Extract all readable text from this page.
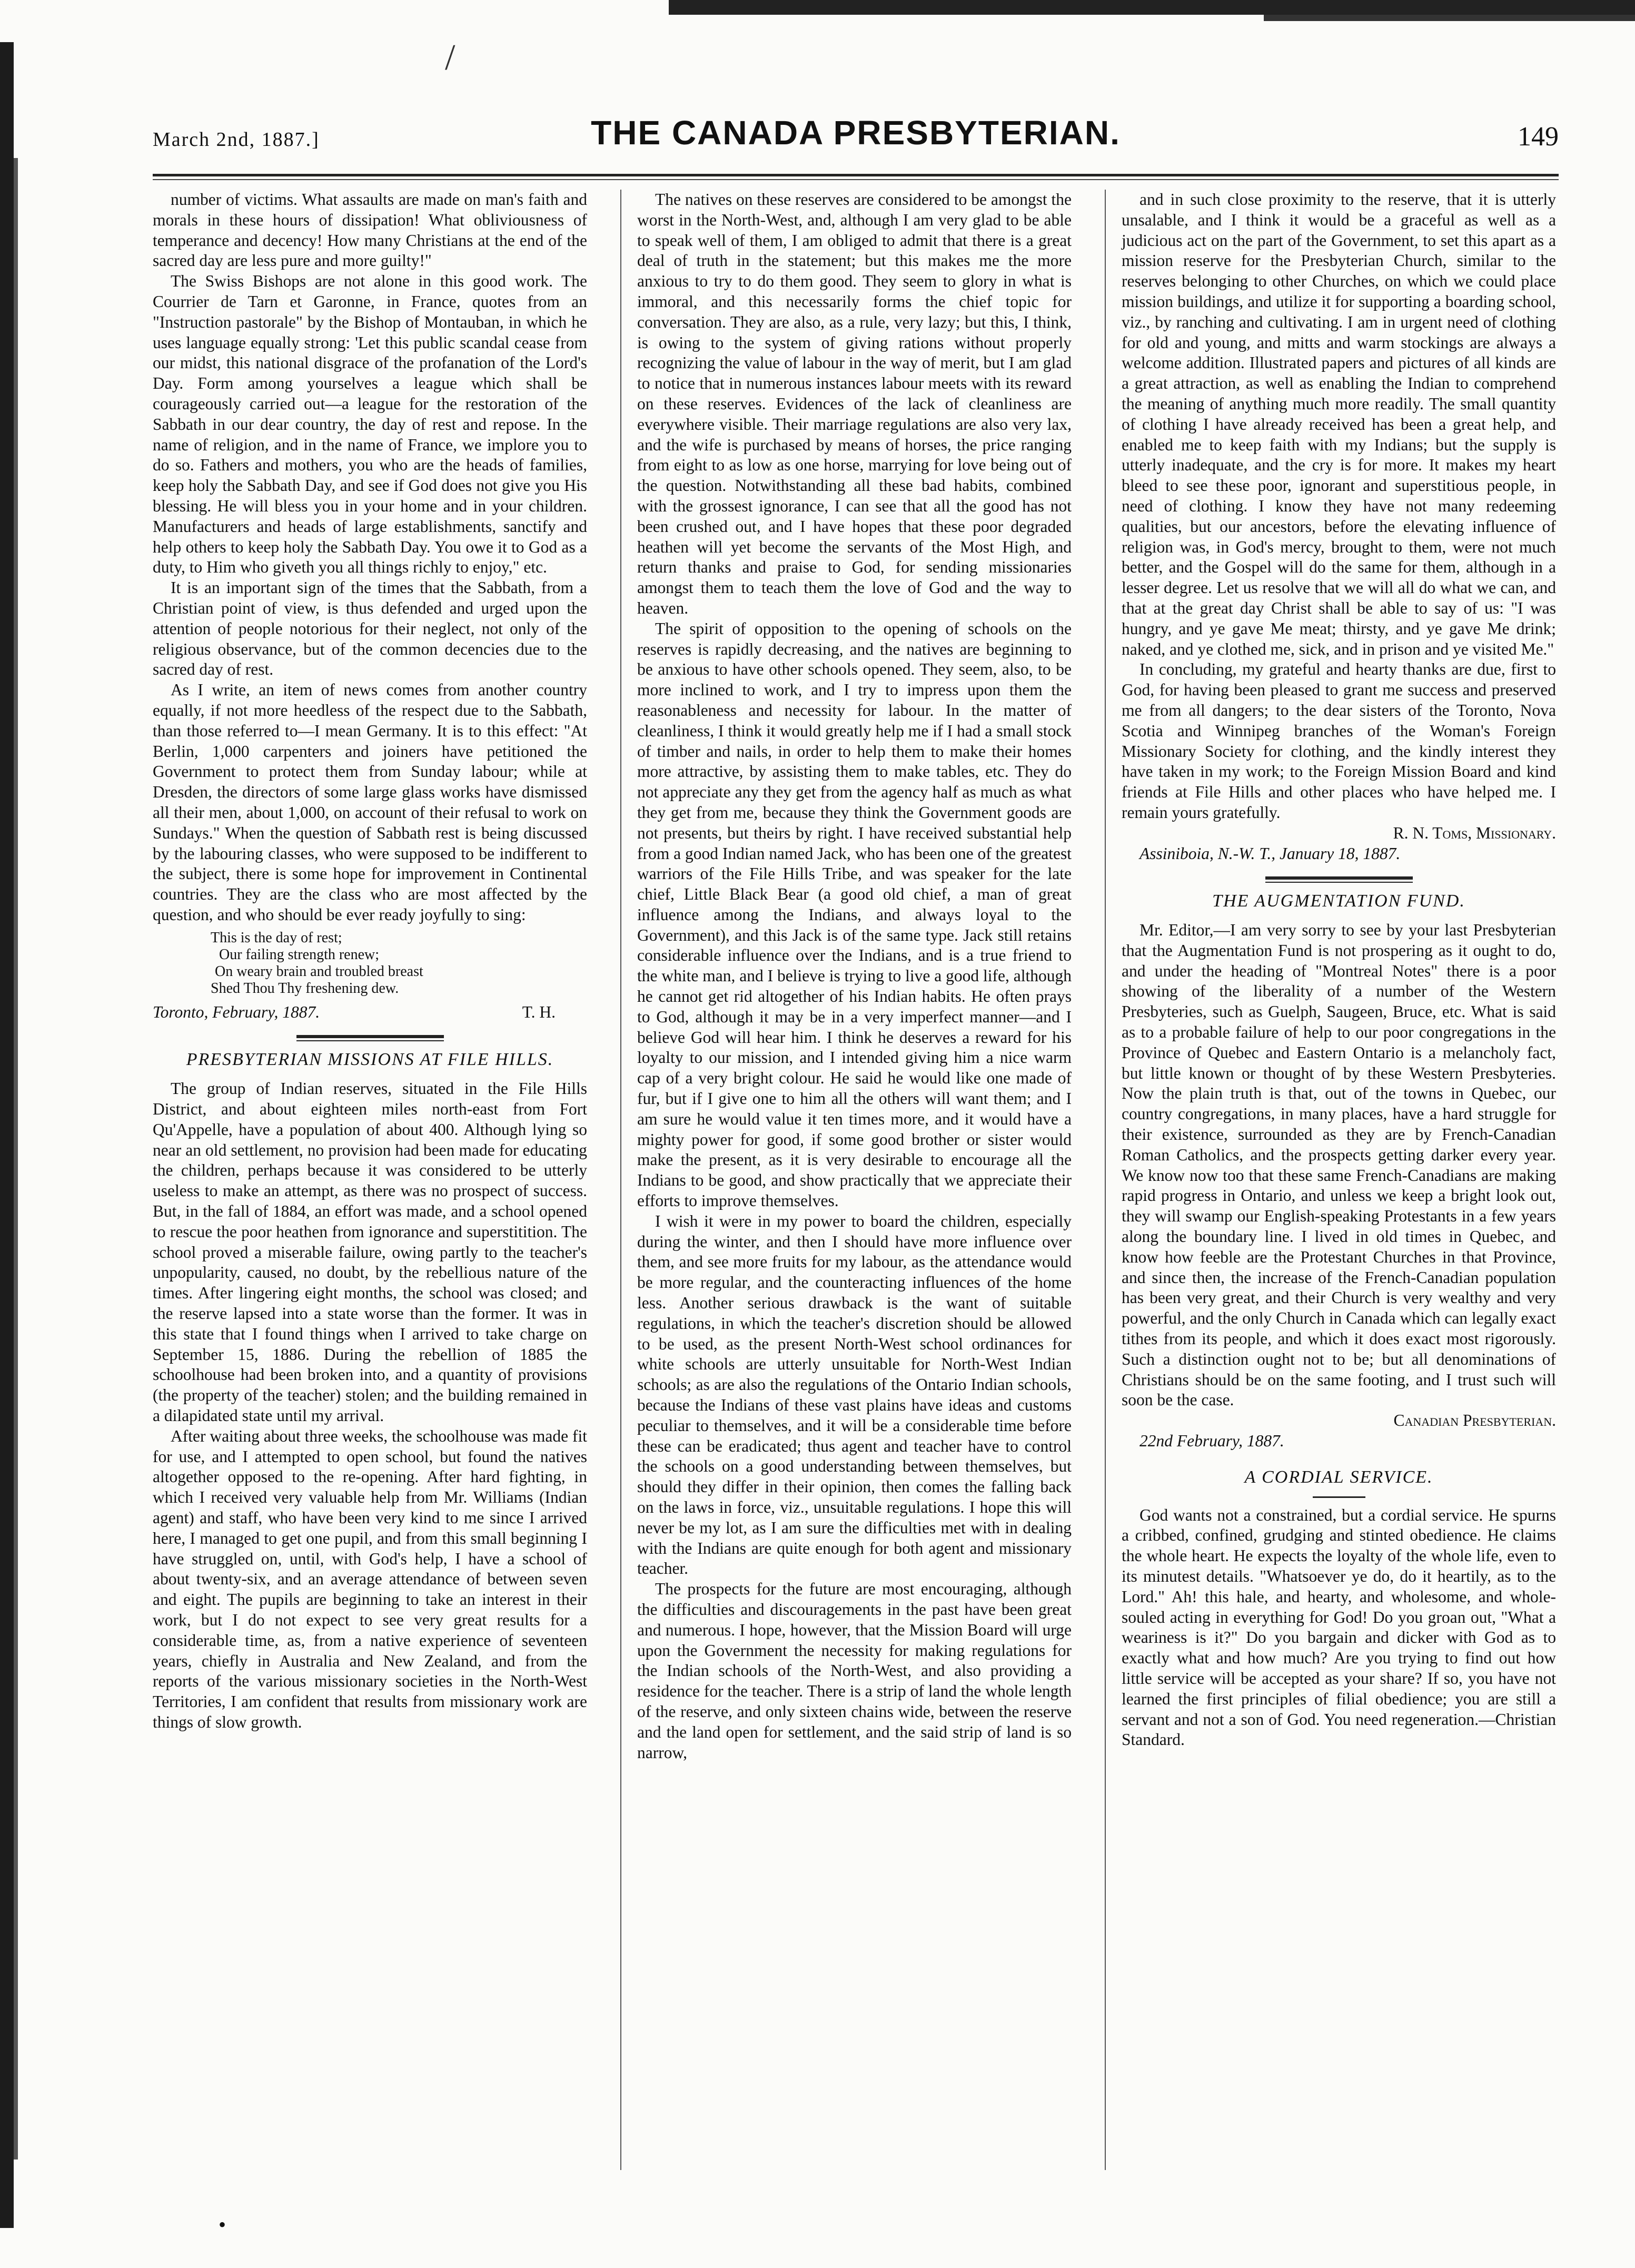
/
March 2nd, 1887.]	THE CANADA PRESBYTERIAN.	149

number of victims. What assaults are made on man's faith and morals in these hours of dissipation! What obliviousness of temperance and decency! How many Christians at the end of the sacred day are less pure and more guilty!"

The Swiss Bishops are not alone in this good work. The Courrier de Tarn et Garonne, in France, quotes from an "Instruction pastorale" by the Bishop of Montauban, in which he uses language equally strong: 'Let this public scandal cease from our midst, this national disgrace of the profanation of the Lord's Day. Form among yourselves a league which shall be courageously carried out—a league for the restoration of the Sabbath in our dear country, the day of rest and repose. In the name of religion, and in the name of France, we implore you to do so. Fathers and mothers, you who are the heads of families, keep holy the Sabbath Day, and see if God does not give you His blessing. He will bless you in your home and in your children. Manufacturers and heads of large establishments, sanctify and help others to keep holy the Sabbath Day. You owe it to God as a duty, to Him who giveth you all things richly to enjoy," etc.

It is an important sign of the times that the Sabbath, from a Christian point of view, is thus defended and urged upon the attention of people notorious for their neglect, not only of the religious observance, but of the common decencies due to the sacred day of rest.

As I write, an item of news comes from another country equally, if not more heedless of the respect due to the Sabbath, than those referred to—I mean Germany. It is to this effect: "At Berlin, 1,000 carpenters and joiners have petitioned the Government to protect them from Sunday labour; while at Dresden, the directors of some large glass works have dismissed all their men, about 1,000, on account of their refusal to work on Sundays." When the question of Sabbath rest is being discussed by the labouring classes, who were supposed to be indifferent to the subject, there is some hope for improvement in Continental countries. They are the class who are most affected by the question, and who should be ever ready joyfully to sing:

This is the day of rest;
Our failing strength renew;
On weary brain and troubled breast
Shed Thou Thy freshening dew.
Toronto, February, 1887.	T. H.
PRESBYTERIAN MISSIONS AT FILE HILLS.

The group of Indian reserves, situated in the File Hills District, and about eighteen miles north-east from Fort Qu'Appelle, have a population of about 400. Although lying so near an old settlement, no provision had been made for educating the children, perhaps because it was considered to be utterly useless to make an attempt, as there was no prospect of success. But, in the fall of 1884, an effort was made, and a school opened to rescue the poor heathen from ignorance and superstitition. The school proved a miserable failure, owing partly to the teacher's unpopularity, caused, no doubt, by the rebellious nature of the times. After lingering eight months, the school was closed; and the reserve lapsed into a state worse than the former. It was in this state that I found things when I arrived to take charge on September 15, 1886. During the rebellion of 1885 the schoolhouse had been broken into, and a quantity of provisions (the property of the teacher) stolen; and the building remained in a dilapidated state until my arrival.

After waiting about three weeks, the schoolhouse was made fit for use, and I attempted to open school, but found the natives altogether opposed to the re-opening. After hard fighting, in which I received very valuable help from Mr. Williams (Indian agent) and staff, who have been very kind to me since I arrived here, I managed to get one pupil, and from this small beginning I have struggled on, until, with God's help, I have a school of about twenty-six, and an average attendance of between seven and eight. The pupils are beginning to take an interest in their work, but I do not expect to see very great results for a considerable time, as, from a native experience of seventeen years, chiefly in Australia and New Zealand, and from the reports of the various missionary societies in the North-West Territories, I am confident that results from missionary work are things of slow growth.

The natives on these reserves are considered to be amongst the worst in the North-West, and, although I am very glad to be able to speak well of them, I am obliged to admit that there is a great deal of truth in the statement; but this makes me the more anxious to try to do them good. They seem to glory in what is immoral, and this necessarily forms the chief topic for conversation. They are also, as a rule, very lazy; but this, I think, is owing to the system of giving rations without properly recognizing the value of labour in the way of merit, but I am glad to notice that in numerous instances labour meets with its reward on these reserves. Evidences of the lack of cleanliness are everywhere visible. Their marriage regulations are also very lax, and the wife is purchased by means of horses, the price ranging from eight to as low as one horse, marrying for love being out of the question. Notwithstanding all these bad habits, combined with the grossest ignorance, I can see that all the good has not been crushed out, and I have hopes that these poor degraded heathen will yet become the servants of the Most High, and return thanks and praise to God, for sending missionaries amongst them to teach them the love of God and the way to heaven.

The spirit of opposition to the opening of schools on the reserves is rapidly decreasing, and the natives are beginning to be anxious to have other schools opened. They seem, also, to be more inclined to work, and I try to impress upon them the reasonableness and necessity for labour. In the matter of cleanliness, I think it would greatly help me if I had a small stock of timber and nails, in order to help them to make their homes more attractive, by assisting them to make tables, etc. They do not appreciate any they get from the agency half as much as what they get from me, because they think the Government goods are not presents, but theirs by right. I have received substantial help from a good Indian named Jack, who has been one of the greatest warriors of the File Hills Tribe, and was speaker for the late chief, Little Black Bear (a good old chief, a man of great influence among the Indians, and always loyal to the Government), and this Jack is of the same type. Jack still retains considerable influence over the Indians, and is a true friend to the white man, and I believe is trying to live a good life, although he cannot get rid altogether of his Indian habits. He often prays to God, although it may be in a very imperfect manner—and I believe God will hear him. I think he deserves a reward for his loyalty to our mission, and I intended giving him a nice warm cap of a very bright colour. He said he would like one made of fur, but if I give one to him all the others will want them; and I am sure he would value it ten times more, and it would have a mighty power for good, if some good brother or sister would make the present, as it is very desirable to encourage all the Indians to be good, and show practically that we appreciate their efforts to improve themselves.

I wish it were in my power to board the children, especially during the winter, and then I should have more influence over them, and see more fruits for my labour, as the attendance would be more regular, and the counteracting influences of the home less. Another serious drawback is the want of suitable regulations, in which the teacher's discretion should be allowed to be used, as the present North-West school ordinances for white schools are utterly unsuitable for North-West Indian schools; as are also the regulations of the Ontario Indian schools, because the Indians of these vast plains have ideas and customs peculiar to themselves, and it will be a considerable time before these can be eradicated; thus agent and teacher have to control the schools on a good understanding between themselves, but should they differ in their opinion, then comes the falling back on the laws in force, viz., unsuitable regulations. I hope this will never be my lot, as I am sure the difficulties met with in dealing with the Indians are quite enough for both agent and missionary teacher.

The prospects for the future are most encouraging, although the difficulties and discouragements in the past have been great and numerous. I hope, however, that the Mission Board will urge upon the Government the necessity for making regulations for the Indian schools of the North-West, and also providing a residence for the teacher. There is a strip of land the whole length of the reserve, and only sixteen chains wide, between the reserve and the land open for settlement, and the said strip of land is so narrow,

and in such close proximity to the reserve, that it is utterly unsalable, and I think it would be a graceful as well as a judicious act on the part of the Government, to set this apart as a mission reserve for the Presbyterian Church, similar to the reserves belonging to other Churches, on which we could place mission buildings, and utilize it for supporting a boarding school, viz., by ranching and cultivating. I am in urgent need of clothing for old and young, and mitts and warm stockings are always a welcome addition. Illustrated papers and pictures of all kinds are a great attraction, as well as enabling the Indian to comprehend the meaning of anything much more readily. The small quantity of clothing I have already received has been a great help, and enabled me to keep faith with my Indians; but the supply is utterly inadequate, and the cry is for more. It makes my heart bleed to see these poor, ignorant and superstitious people, in need of clothing. I know they have not many redeeming qualities, but our ancestors, before the elevating influence of religion was, in God's mercy, brought to them, were not much better, and the Gospel will do the same for them, although in a lesser degree. Let us resolve that we will all do what we can, and that at the great day Christ shall be able to say of us: "I was hungry, and ye gave Me meat; thirsty, and ye gave Me drink; naked, and ye clothed me, sick, and in prison and ye visited Me."

In concluding, my grateful and hearty thanks are due, first to God, for having been pleased to grant me success and preserved me from all dangers; to the dear sisters of the Toronto, Nova Scotia and Winnipeg branches of the Woman's Foreign Missionary Society for clothing, and the kindly interest they have taken in my work; to the Foreign Mission Board and kind friends at File Hills and other places who have helped me. I remain yours gratefully.

R. N. Toms, Missionary.
Assiniboia, N.-W. T., January 18, 1887.
THE AUGMENTATION FUND.

Mr. Editor,—I am very sorry to see by your last Presbyterian that the Augmentation Fund is not prospering as it ought to do, and under the heading of "Montreal Notes" there is a poor showing of the liberality of a number of the Western Presbyteries, such as Guelph, Saugeen, Bruce, etc. What is said as to a probable failure of help to our poor congregations in the Province of Quebec and Eastern Ontario is a melancholy fact, but little known or thought of by these Western Presbyteries. Now the plain truth is that, out of the towns in Quebec, our country congregations, in many places, have a hard struggle for their existence, surrounded as they are by French-Canadian Roman Catholics, and the prospects getting darker every year. We know now too that these same French-Canadians are making rapid progress in Ontario, and unless we keep a bright look out, they will swamp our English-speaking Protestants in a few years along the boundary line. I lived in old times in Quebec, and know how feeble are the Protestant Churches in that Province, and since then, the increase of the French-Canadian population has been very great, and their Church is very wealthy and very powerful, and the only Church in Canada which can legally exact tithes from its people, and which it does exact most rigorously. Such a distinction ought not to be; but all denominations of Christians should be on the same footing, and I trust such will soon be the case.

Canadian Presbyterian.
22nd February, 1887.
A CORDIAL SERVICE.

God wants not a constrained, but a cordial service. He spurns a cribbed, confined, grudging and stinted obedience. He claims the whole heart. He expects the loyalty of the whole life, even to its minutest details. "Whatsoever ye do, do it heartily, as to the Lord." Ah! this hale, and hearty, and wholesome, and whole-souled acting in everything for God! Do you groan out, "What a weariness is it?" Do you bargain and dicker with God as to exactly what and how much? Are you trying to find out how little service will be accepted as your share? If so, you have not learned the first principles of filial obedience; you are still a servant and not a son of God. You need regeneration.—Christian Standard.

•
